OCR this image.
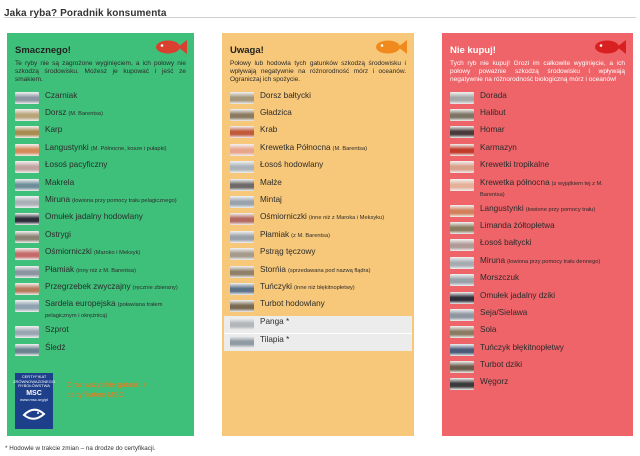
Jaka ryba? Poradnik konsumenta
Smacznego!
Te ryby nie są zagrożone wyginięciem, a ich połowy nie szkodzą środowisku. Możesz je kupować i jeść ze smakiem.
Czarniak
Dorsz (M. Barentsa)
Karp
Langustynki (M. Północne, kosze i pułapki)
Łosoś pacyficzny
Makrela
Miruna (łowiona przy pomocy trału pelagicznego)
Omułek jadalny hodowlany
Ostrygi
Ośmiorniczki (Maroko i Meksyk)
Płamiak (inny niż z M. Barentsa)
Przegrzebek zwyczajny (ręcznie zbierany)
Sardela europejska (poławiana trałem pelagicznym i okrężnicą)
Szprot
Śledź
CERTYFIKAT
ZRÓWNOWAŻONEGO
RYBOŁÓWSTWA
MSC
www.msc.org/pl
Oraz wszystkie gatunki z certyfikatem MSC
Uwaga!
Połowy lub hodowla tych gatunków szkodzą środowisku i wpływają negatywnie na różnorodność mórz i oceanów. Ograniczaj ich spożycie.
Dorsz bałtycki
Gładzica
Krab
Krewetka Północna (M. Barentsa)
Łosoś hodowlany
Małże
Mintaj
Ośmiorniczki (inne niż z Maroka i Meksyku)
Płamiak (z M. Barentsa)
Pstrąg tęczowy
Storńia (sprzedawana pod nazwą flądra)
Tuńczyki (inne niż błękitnopłetwy)
Turbot hodowlany
Panga *
Tilapia *
Nie kupuj!
Tych ryb nie kupuj! Grozi im całkowite wyginięcie, a ich połowy poważnie szkodzą środowisku i wpływają negatywnie na różnorodność biologiczną mórz i oceanów!
Dorada
Halibut
Homar
Karmazyn
Krewetki tropikalne
Krewetka północna (z wyjątkiem tej z M. Barentsa)
Langustynki (łowione przy pomocy trału)
Limanda żółtopłetwa
Łosoś bałtycki
Miruna (łowiona przy pomocy trału dennego)
Morszczuk
Omułek jadalny dziki
Seja/Sielawa
Sola
Tuńczyk błękitnopłetwy
Turbot dziki
Węgorz
* Hodowle w trakcie zmian – na drodze do certyfikacji.
